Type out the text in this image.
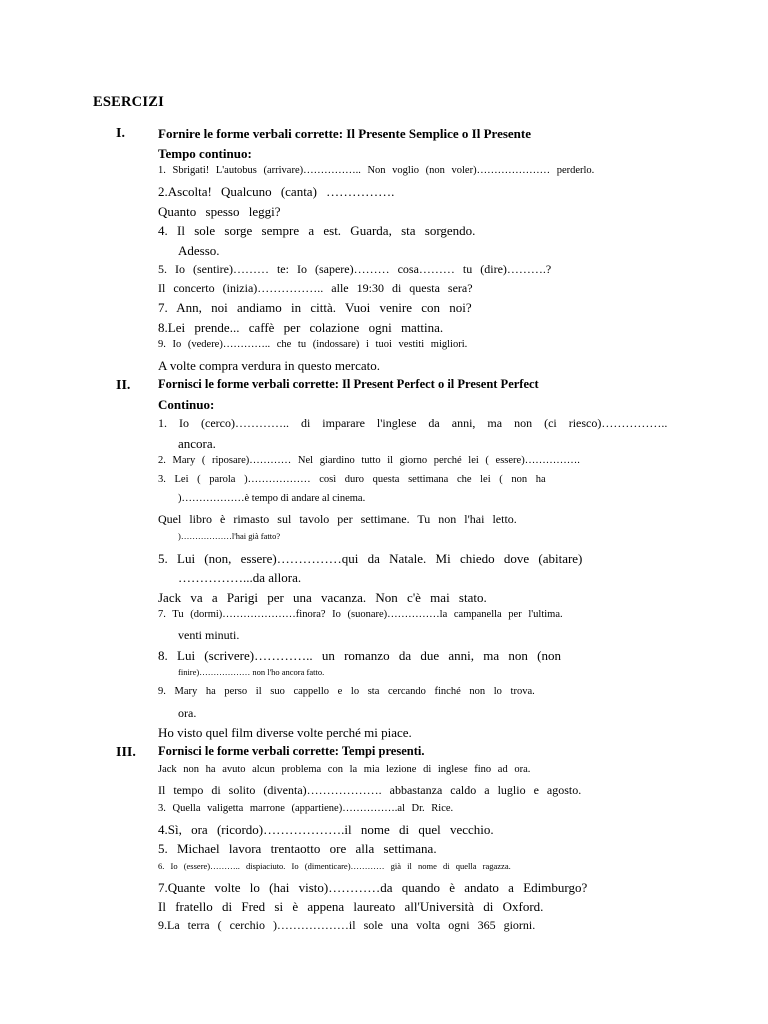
ESERCIZI
I.	Fornire le forme verbali corrette: Il Presente Semplice o Il Presente
Tempo continuo:
1. Sbrigati! L'autobus (arrivare)…………….. Non voglio (non voler)………………… perderlo.
2.Ascolta! Qualcuno (canta) …………….
Quanto spesso leggi?
4. Il sole sorge sempre a est. Guarda, sta sorgendo.
Adesso.
5. Io (sentire)……… te: Io (sapere)……… cosa……… tu (dire)……….?
Il concerto (inizia)…………….. alle 19:30 di questa sera?
7. Ann, noi andiamo in città. Vuoi venire con noi?
8.Lei prende... caffè per colazione ogni mattina.
9. Io (vedere)………….. che tu (indossare) i tuoi vestiti migliori.
A volte compra verdura in questo mercato.
II. Fornisci le forme verbali corrette: Il Present Perfect o il Present Perfect
Continuo:
1. Io (cerco)………….. di imparare l'inglese da anni, ma non (ci riesco)……………..
ancora.
2. Mary ( riposare)………… Nel giardino tutto il giorno perché lei ( essere)…………….
3. Lei ( parola )……………… così duro questa settimana che lei ( non ha
)………………è tempo di andare al cinema.
Quel libro è rimasto sul tavolo per settimane. Tu non l'hai letto.
)………………l'hai già fatto?
5. Lui (non, essere)……………qui da Natale. Mi chiedo dove (abitare)
……………...da allora.
Jack va a Parigi per una vacanza. Non c'è mai stato.
7. Tu (dormi)…………………finora? Io (suonare)……………la campanella per l'ultima.
venti minuti.
8. Lui (scrivere)………….. un romanzo da due anni, ma non (non
finire)……………… non l'ho ancora fatto.
9. Mary ha perso il suo cappello e lo sta cercando finché non lo trova.
ora.
Ho visto quel film diverse volte perché mi piace.
III. Fornisci le forme verbali corrette: Tempi presenti.
Jack non ha avuto alcun problema con la mia lezione di inglese fino ad ora.
Il tempo di solito (diventa)………………. abbastanza caldo a luglio e agosto.
3. Quella valigetta marrone (appartiene)…………….al Dr. Rice.
4.Sì, ora (ricordo)……………….il nome di quel vecchio.
5. Michael lavora trentaotto ore alla settimana.
6. Io (essere)……….. dispiaciuto. Io (dimenticare)………… già il nome di quella ragazza.
7.Quante volte lo (hai visto)…………da quando è andato a Edimburgo?
Il fratello di Fred si è appena laureato all'Università di Oxford.
9.La terra ( cerchio )………………il sole una volta ogni 365 giorni.
